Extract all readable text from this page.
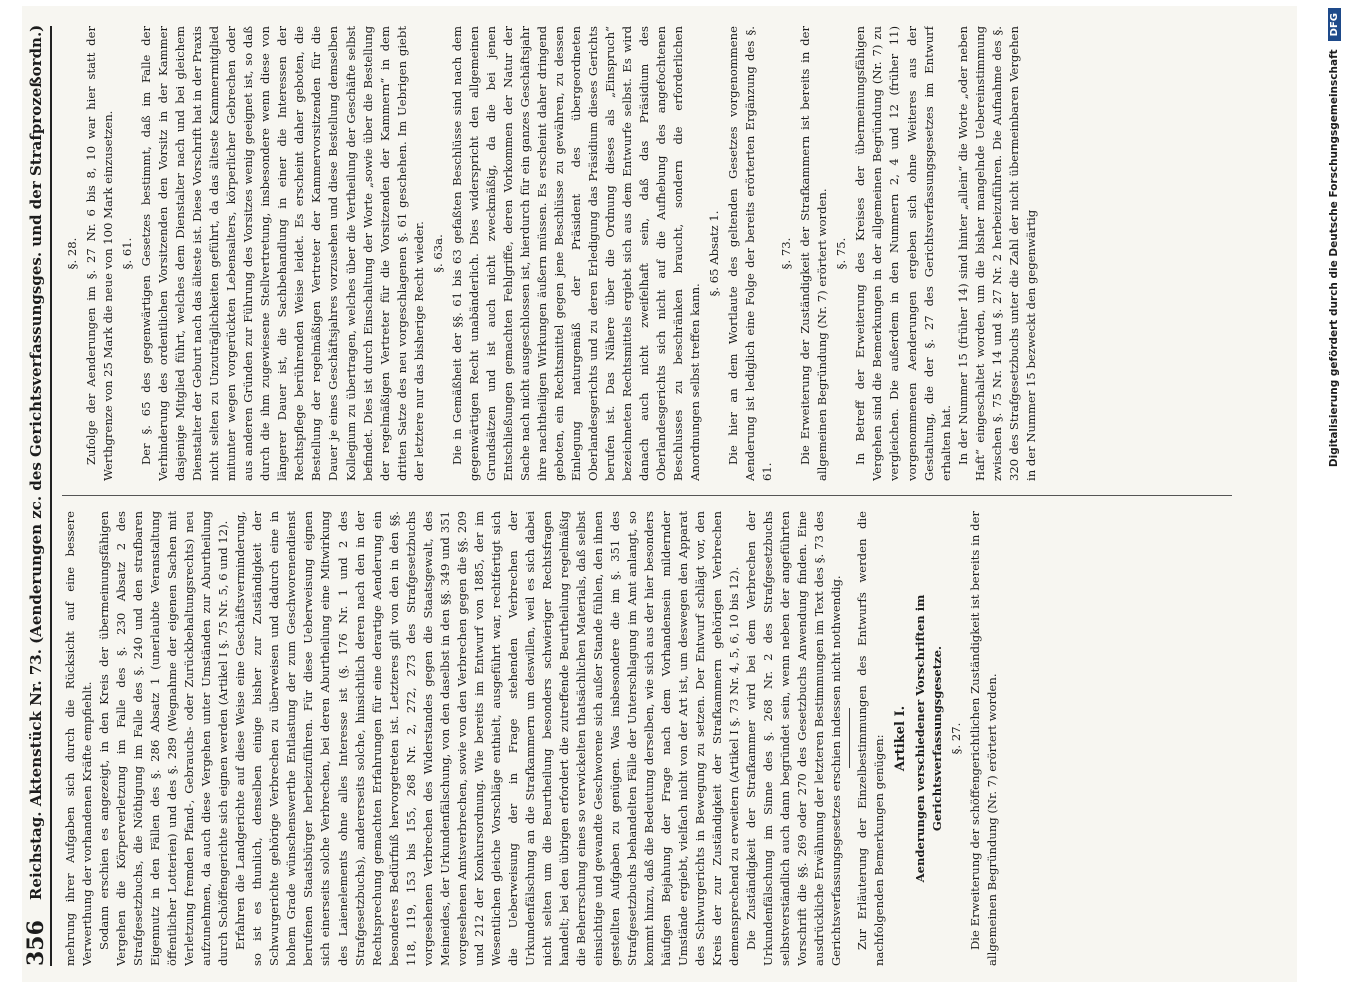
356
Reichstag. Aktenstück Nr. 73. (Aenderungen zc. des Gerichtsverfassungsges. und der Strafprozeßordn.) mehrung ihrer Aufgaben sich durch die Rücksicht auf eine bessere Verwerthung der vorhandenen Kräfte empfiehlt. Sodann erschien es angezeigt, in den Kreis der übermeinungsfähigen Vergehen die Körperverletzung im Falle des §. 230 Absatz 2 des Strafgesetzbuchs, die Nöthigung im Falle des §. 240 und den strafbaren Eigennutz in den Fällen des §. 286 Absatz 1 (unerlaubte Veranstaltung öffentlicher Lotterien) und des §. 289 (Wegnahme der eigenen Sachen mit Verletzung fremden Pfand-, Gebrauchs- oder Zurückbehaltungsrechts) neu aufzunehmen, da auch diese Vergehen unter Umständen zur Aburtheilung durch Schöffengerichte sich eignen werden (Artikel I §. 75 Nr. 5, 6 und 12). Erfahren die Landgerichte auf diese Weise eine Geschäftsverminderung, so ist es thunlich, denselben einige bisher zur Zuständigkeit der Schwurgerichte gehörige Verbrechen zu überweisen und dadurch eine in hohem Grade wünschenswerthe Entlastung der zum Geschworenendienst berufenen Staatsbürger herbeizuführen. Für diese Ueberweisung eignen sich einerseits solche Verbrechen, bei deren Aburtheilung eine Mitwirkung des Laienelements ohne alles Interesse ist (§. 176 Nr. 1 und 2 des Strafgesetzbuchs), andererseits solche, hinsichtlich deren nach den in der Rechtsprechung gemachten Erfahrungen für eine derartige Aenderung ein besonderes Bedürfniß hervorgetreten ist. Letzteres gilt von den in den §§. 118, 119, 153 bis 155, 268 Nr. 2, 272, 273 des Strafgesetzbuchs vorgesehenen Verbrechen des Widerstandes gegen die Staatsgewalt, des Meineides, der Urkundenfälschung, von den daselbst in den §§. 349 und 351 vorgesehenen Amtsverbrechen, sowie von den Verbrechen gegen die §§. 209 und 212 der Konkursordnung. Wie bereits im Entwurf von 1885, der im Wesentlichen gleiche Vorschläge enthielt, ausgeführt war, rechtfertigt sich die Ueberweisung der in Frage stehenden Verbrechen der Urkundenfälschung an die Strafkammern um deswillen, weil es sich dabei nicht selten um die Beurtheilung besonders schwieriger Rechtsfragen handelt; bei den übrigen erfordert die zutreffende Beurtheilung regelmäßig die Beherrschung eines so verwickelten thatsächlichen Materials, daß selbst einsichtige und gewandte Geschworene sich außer Stande fühlen, den ihnen gestellten Aufgaben zu genügen. Was insbesondere die im §. 351 des Strafgesetzbuchs behandelten Fälle der Unterschlagung im Amt anlangt, so kommt hinzu, daß die Bedeutung derselben, wie sich aus der hier besonders häufigen Bejahung der Frage nach dem Vorhandensein mildernder Umstände ergiebt, vielfach nicht von der Art ist, um deswegen den Apparat des Schwurgerichts in Bewegung zu setzen. Der Entwurf schlägt vor, den Kreis der zur Zuständigkeit der Strafkammern gehörigen Verbrechen demensprechend zu erweitern (Artikel I §. 73 Nr. 4, 5, 6, 10 bis 12). Die Zuständigkeit der Strafkammer wird bei dem Verbrechen der Urkundenfälschung im Sinne des §. 268 Nr. 2 des Strafgesetzbuchs selbstverständlich auch dann begründet sein, wenn neben der angeführten Vorschrift die §§. 269 oder 270 des Gesetzbuchs Anwendung finden. Eine ausdrückliche Erwähnung der letzteren Bestimmungen im Text des §. 73 des Gerichtsverfassungsgesetzes erschien indessen nicht nothwendig. Zur Erläuterung der Einzelbestimmungen des Entwurfs werden die nachfolgenden Bemerkungen genügen: Artikel I. Aenderungen verschiedener Vorschriften im Gerichtsverfassungsgesetze. §. 27. Die Erweiterung der schöffengerichtlichen Zuständigkeit ist bereits in der allgemeinen Begründung (Nr. 7) erörtert worden.

§. 28. Zufolge der Aenderungen im §. 27 Nr. 6 bis 8, 10 war hier statt der Werthgrenze von 25 Mark die neue von 100 Mark einzusetzen. §. 61. Der §. 65 des gegenwärtigen Gesetzes bestimmt, daß im Falle der Verhinderung des ordentlichen Vorsitzenden den Vorsitz in der Kammer dasjenige Mitglied führt, welches dem Dienstalter nach und bei gleichem Dienstalter der Geburt nach das älteste ist. Diese Vorschrift hat in der Praxis nicht selten zu Unzuträglichkeiten geführt, da das älteste Kammermitglied mitunter wegen vorgerückten Lebensalters, körperlicher Gebrechen oder aus anderen Gründen zur Führung des Vorsitzes wenig geeignet ist, so daß durch die ihm zugewiesene Stellvertretung, insbesondere wenn diese von längerer Dauer ist, die Sachbehandlung in einer die Interessen der Rechtspflege berührenden Weise leidet. Es erscheint daher geboten, die Bestellung der regelmäßigen Vertreter der Kammervorsitzenden für die Dauer je eines Geschäftsjahres vorzusehen und diese Bestellung demselben Kollegium zu übertragen, welches über die Vertheilung der Geschäfte selbst befindet. Dies ist durch Einschaltung der Worte „sowie über die Bestellung der regelmäßigen Vertreter für die Vorsitzenden der Kammern“ in dem dritten Satze des neu vorgeschlagenen §. 61 geschehen. Im Uebrigen giebt der letztere nur das bisherige Recht wieder. §. 63a. Die in Gemäßheit der §§. 61 bis 63 gefaßten Beschlüsse sind nach dem gegenwärtigen Recht unabänderlich. Dies widerspricht den allgemeinen Grundsätzen und ist auch nicht zweckmäßig, da die bei jenen Entschließungen gemachten Fehlgriffe, deren Vorkommen der Natur der Sache nach nicht ausgeschlossen ist, hierdurch für ein ganzes Geschäftsjahr ihre nachtheiligen Wirkungen äußern müssen. Es erscheint daher dringend geboten, ein Rechtsmittel gegen jene Beschlüsse zu gewähren, zu dessen Einlegung naturgemäß der Präsident des übergeordneten Oberlandesgerichts und zu deren Erledigung das Präsidium dieses Gerichts berufen ist. Das Nähere über die Ordnung dieses als „Einspruch“ bezeichneten Rechtsmittels ergiebt sich aus dem Entwurfe selbst. Es wird danach auch nicht zweifelhaft sein, daß das Präsidium des Oberlandesgerichts sich nicht auf die Aufhebung des angefochtenen Beschlusses zu beschränken braucht, sondern die erforderlichen Anordnungen selbst treffen kann.

§. 65 Absatz 1. Die hier an dem Wortlaute des geltenden Gesetzes vorgenommene Aenderung ist lediglich eine Folge der bereits erörterten Ergänzung des §. 61.

§. 73. Die Erweiterung der Zuständigkeit der Strafkammern ist bereits in der allgemeinen Begründung (Nr. 7) erörtert worden. §. 75. In Betreff der Erweiterung des Kreises der übermeinungsfähigen Vergehen sind die Bemerkungen in der allgemeinen Begründung (Nr. 7) zu vergleichen. Die außerdem in den Nummern 2, 4 und 12 (früher 11) vorgenommenen Aenderungen ergeben sich ohne Weiteres aus der Gestaltung, die der §. 27 des Gerichtsverfassungsgesetzes im Entwurf erhalten hat. In der Nummer 15 (früher 14) sind hinter „allein“ die Worte „oder neben Haft“ eingeschaltet worden, um die bisher mangelnde Uebereinstimmung zwischen §. 75 Nr. 14 und §. 27 Nr. 2 herbeizuführen. Die Aufnahme des §. 320 des Strafgesetzbuchs unter die Zahl der nicht übermeinbaren Vergehen in der Nummer 15 bezweckt den gegenwärtig	Digitalisierung gefördert durch die Deutsche Forschungsgemeinschaft
DFG
